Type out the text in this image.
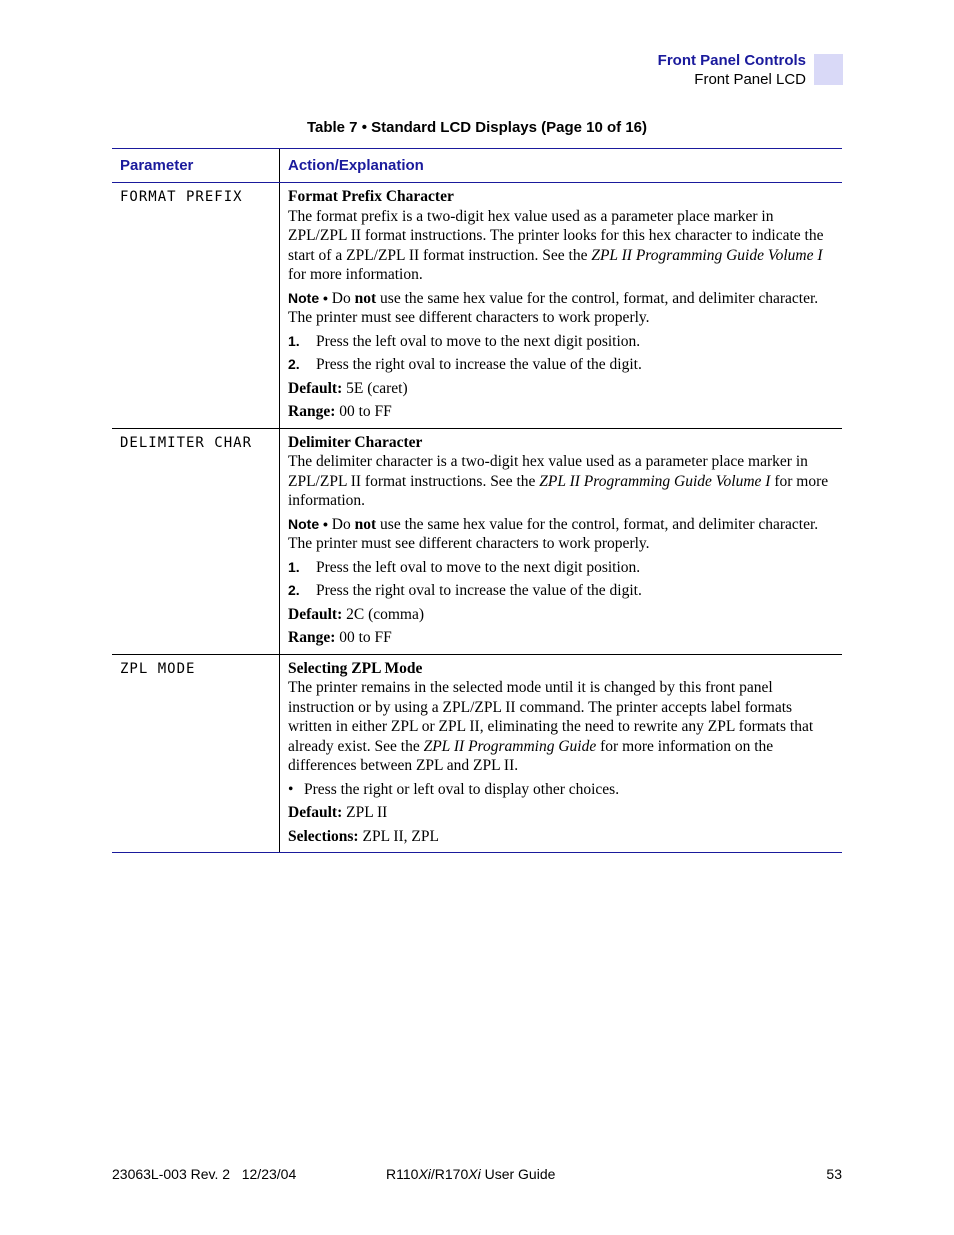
Front Panel Controls
Front Panel LCD
Table 7 • Standard LCD Displays (Page 10 of 16)
Parameter	Action/Explanation
FORMAT PREFIX	Format Prefix Character

The format prefix is a two-digit hex value used as a parameter place marker in ZPL/ZPL II format instructions. The printer looks for this hex character to indicate the start of a ZPL/ZPL II format instruction. See the ZPL II Programming Guide Volume I for more information.

Note • Do not use the same hex value for the control, format, and delimiter character. The printer must see different characters to work properly.

1.	Press the left oval to move to the next digit position.
2.	Press the right oval to increase the value of the digit.
Default: 5E (caret)
Range: 00 to FF
DELIMITER CHAR	Delimiter Character

The delimiter character is a two-digit hex value used as a parameter place marker in ZPL/ZPL II format instructions. See the ZPL II Programming Guide Volume I for more information.

Note • Do not use the same hex value for the control, format, and delimiter character. The printer must see different characters to work properly.

1.	Press the left oval to move to the next digit position.
2.	Press the right oval to increase the value of the digit.
Default: 2C (comma)
Range: 00 to FF
ZPL MODE	Selecting ZPL Mode

The printer remains in the selected mode until it is changed by this front panel instruction or by using a ZPL/ZPL II command. The printer accepts label formats written in either ZPL or ZPL II, eliminating the need to rewrite any ZPL formats that already exist. See the ZPL II Programming Guide for more information on the differences between ZPL and ZPL II.

• Press the right or left oval to display other choices.
Default: ZPL II
Selections: ZPL II, ZPL
23063L-003 Rev. 2 12/23/04	R110Xi/R170Xi User Guide	53
